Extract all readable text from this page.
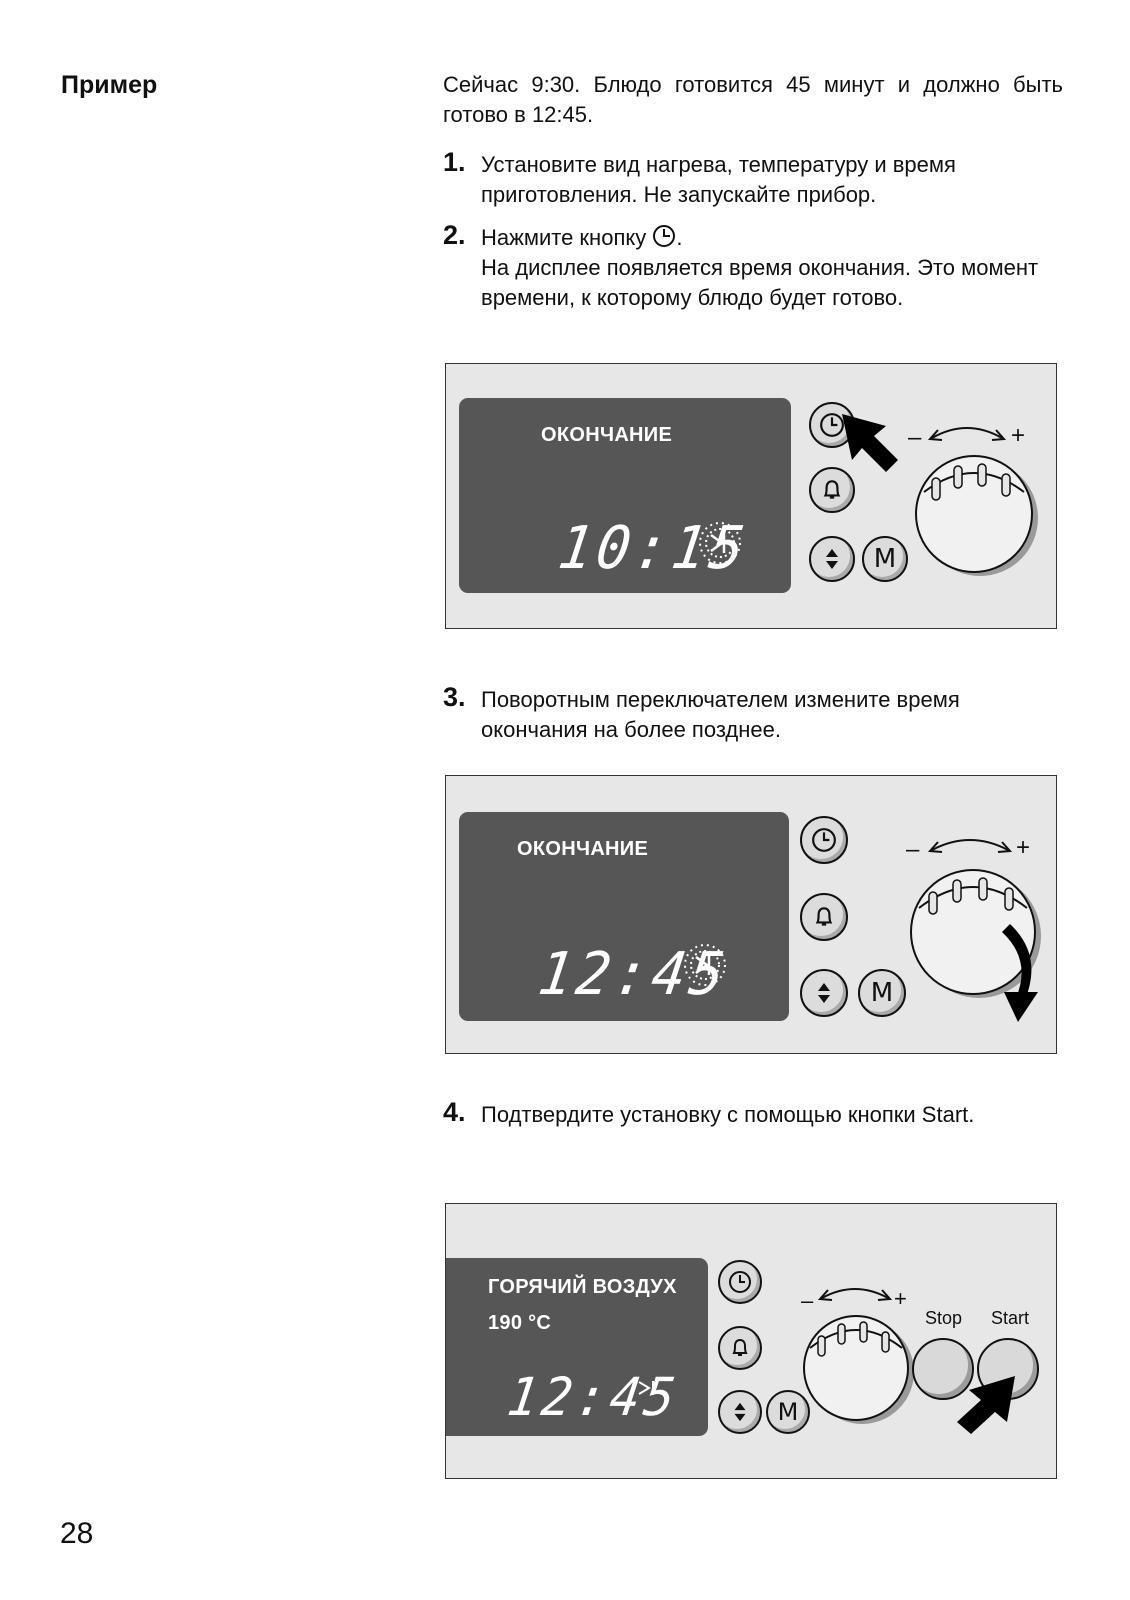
Пример	Сейчас 9:30. Блюдо готовится 45 минут и должно быть готово в 12:45.
1. Установите вид нагрева, температуру и время приготовления. Не запускайте прибор.

2. Нажмите кнопку .

На дисплее появляется время окончания. Это момент времени, к которому блюдо будет готово.

ОКОНЧАНИЕ
10:15	M
–	+
3. Поворотным переключателем измените время окончания на более позднее.

ОКОНЧАНИЕ
12:45	M
–	+
4. Подтвердите установку с помощью кнопки Start.

ГОРЯЧИЙ ВОЗДУХ
190 °C
12:45	M
–	+
Stop Start
28
